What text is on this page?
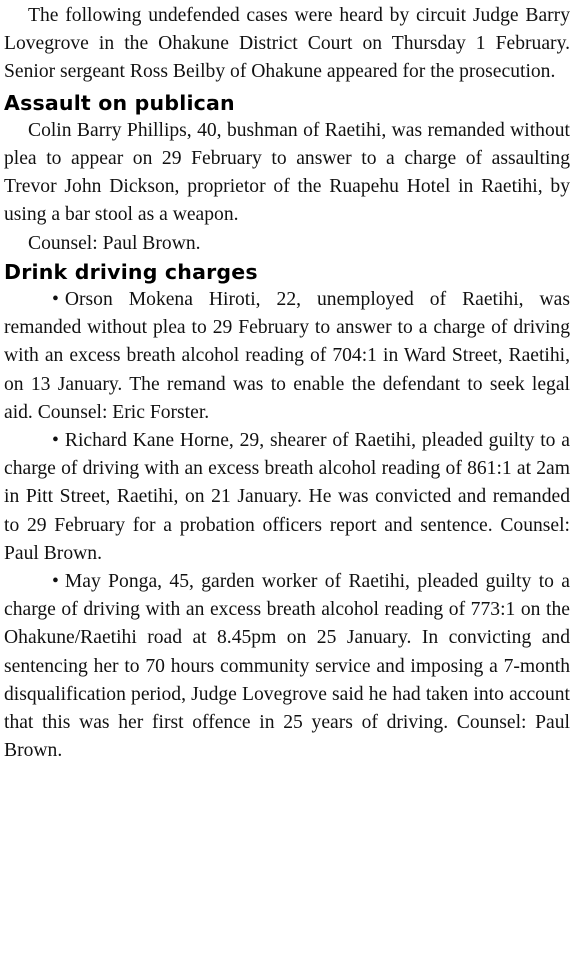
The following undefended cases were heard by circuit Judge Barry Lovegrove in the Ohakune District Court on Thursday 1 February. Senior sergeant Ross Beilby of Ohakune appeared for the prosecution.

Assault on publican

Colin Barry Phillips, 40, bushman of Raetihi, was remanded without plea to appear on 29 February to answer to a charge of assaulting Trevor John Dickson, proprietor of the Ruapehu Hotel in Raetihi, by using a bar stool as a weapon.

Counsel: Paul Brown.

Drink driving charges

• Orson Mokena Hiroti, 22, unemployed of Raetihi, was remanded without plea to 29 February to answer to a charge of driving with an excess breath alcohol reading of 704:1 in Ward Street, Raetihi, on 13 January. The remand was to enable the defendant to seek legal aid. Counsel: Eric Forster.

• Richard Kane Horne, 29, shearer of Raetihi, pleaded guilty to a charge of driving with an excess breath alcohol reading of 861:1 at 2am in Pitt Street, Raetihi, on 21 January. He was convicted and remanded to 29 February for a probation officers report and sentence. Counsel: Paul Brown.

• May Ponga, 45, garden worker of Raetihi, pleaded guilty to a charge of driving with an excess breath alcohol reading of 773:1 on the Ohakune/Raetihi road at 8.45pm on 25 January. In convicting and sentencing her to 70 hours community service and imposing a 7-month disqualification period, Judge Lovegrove said he had taken into account that this was her first offence in 25 years of driving. Counsel: Paul Brown.
